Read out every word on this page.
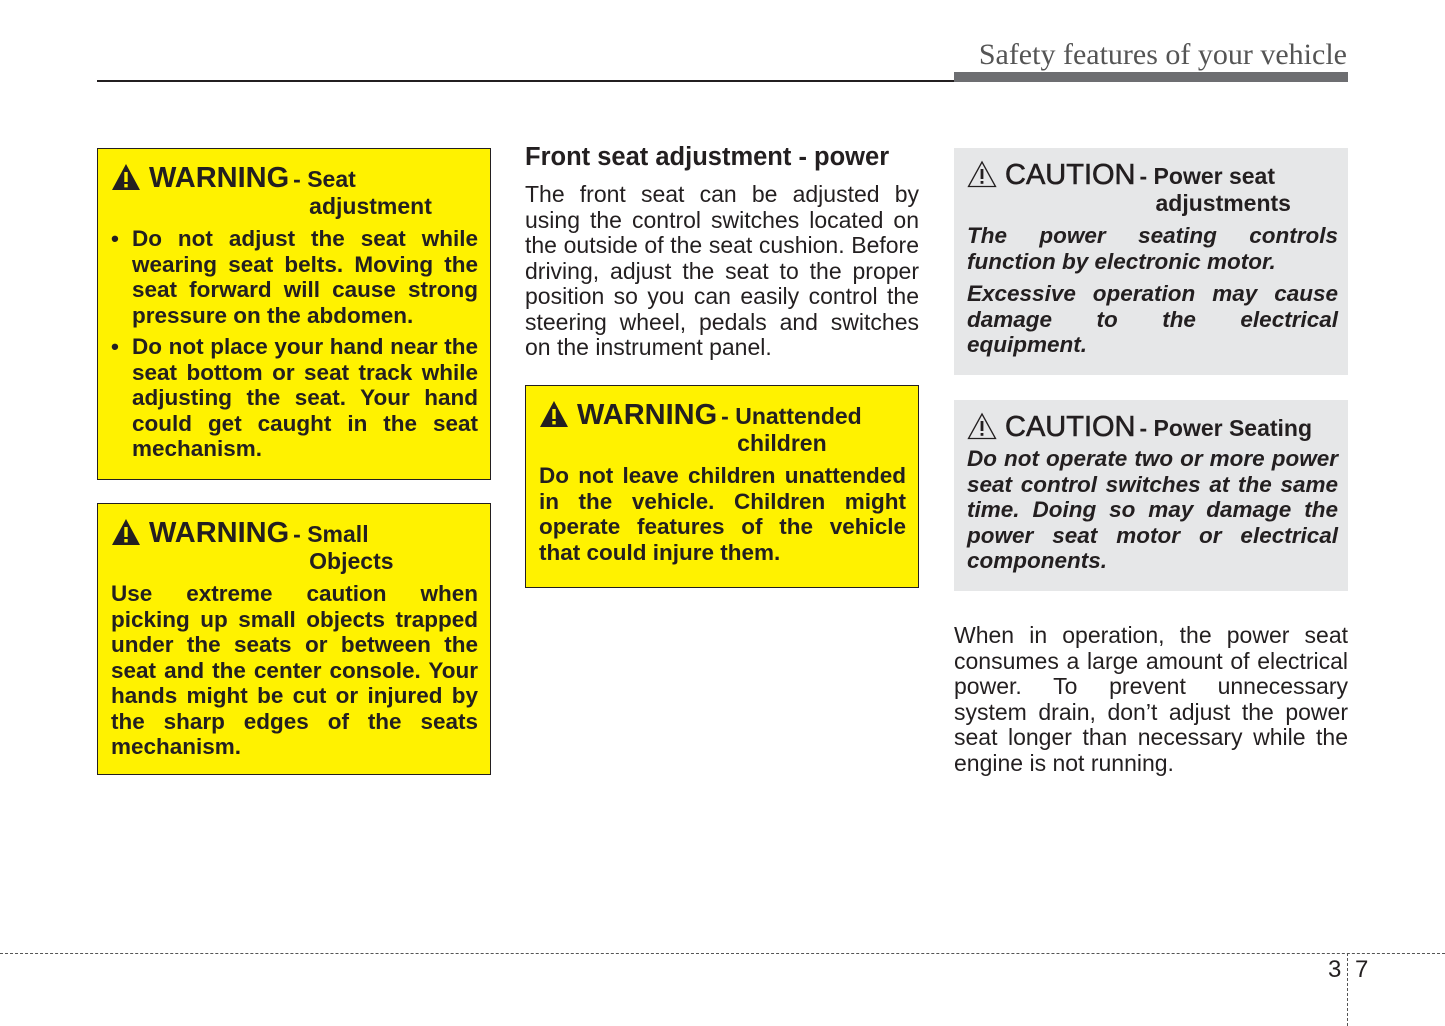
Safety features of your vehicle
WARNING - Seat
adjustment
• Do not adjust the seat while wearing seat belts. Moving the seat forward will cause strong pressure on the abdomen.
• Do not place your hand near the seat bottom or seat track while adjusting the seat. Your hand could get caught in the seat mechanism.
WARNING - Small
Objects
Use extreme caution when picking up small objects trapped under the seats or between the seat and the center console. Your hands might be cut or injured by the sharp edges of the seats mechanism.
Front seat adjustment - power
The front seat can be adjusted by using the control switches located on the outside of the seat cushion. Before driving, adjust the seat to the proper position so you can easily control the steering wheel, pedals and switches on the instrument panel.
WARNING - Unattended
children
Do not leave children unattended in the vehicle. Children might operate features of the vehicle that could injure them.
CAUTION - Power seat
adjustments
The power seating controls function by electronic motor.
Excessive operation may cause damage to the electrical equipment.
CAUTION - Power Seating
Do not operate two or more power seat control switches at the same time. Doing so may damage the power seat motor or electrical components.
When in operation, the power seat consumes a large amount of electrical power. To prevent unnecessary system drain, don’t adjust the power seat longer than necessary while the engine is not running.
3 7
